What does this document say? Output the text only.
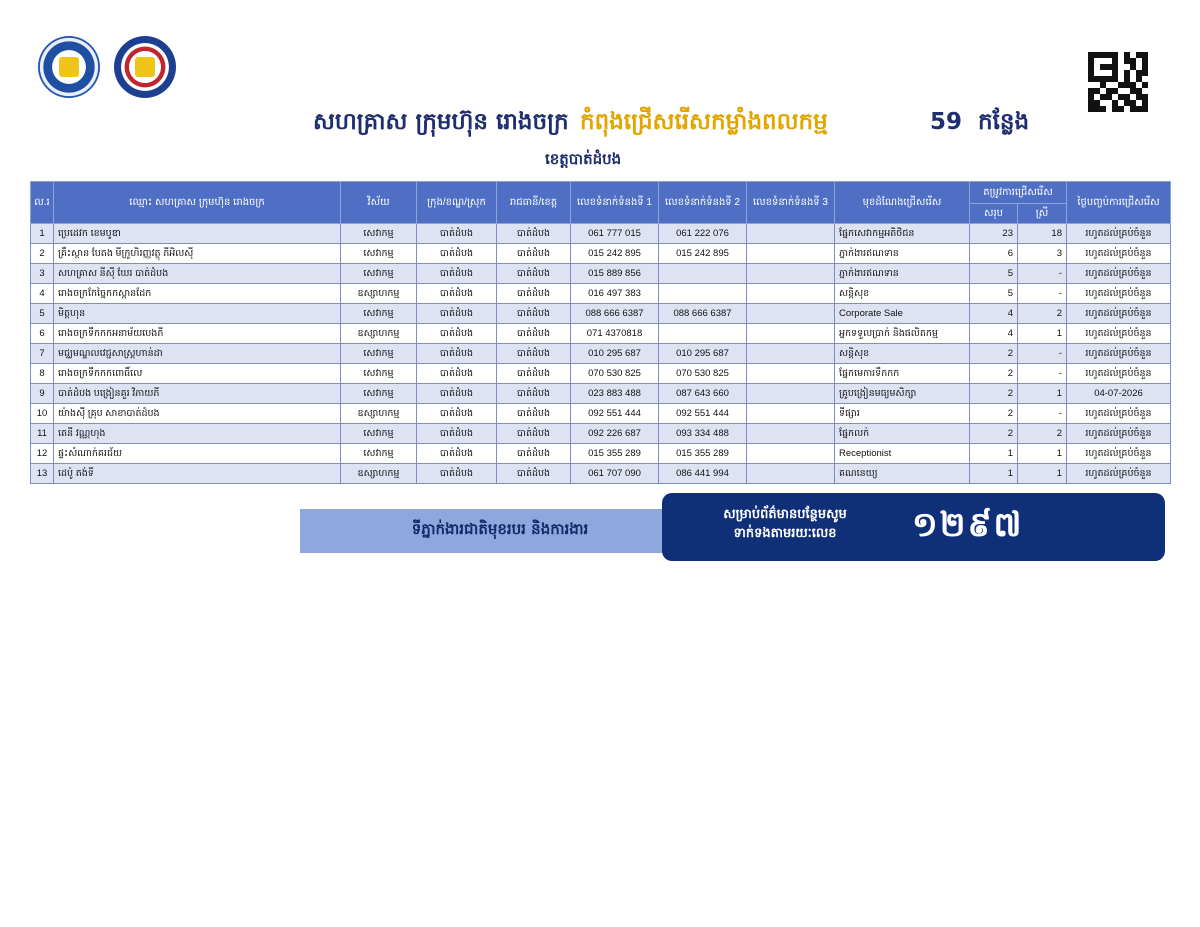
សហគ្រាស ក្រុមហ៊ុន រោងចក្រ កំពុងជ្រើសរើសកម្លាំងពលកម្ម	59 កន្លែង
ខេត្តបាត់ដំបង
ល.រ	ឈ្មោះ សហគ្រាស ក្រុមហ៊ុន រោងចក្រ	វិស័យ	ក្រុង/ខណ្ឌ/ស្រុក	រាជធានី/ខេត្ត	លេខទំនាក់ទំនងទី 1	លេខទំនាក់ទំនងទី 2	លេខទំនាក់ទំនងទី 3	មុខដំណែងជ្រើសរើស	តម្រូវការជ្រើសរើស		ថ្ងៃបញ្ចប់ការជ្រើសរើស
									សរុប	ស្រី	
1	ប្រេដេវក ខេមបូឌា	សេវាកម្ម	បាត់ដំបង	បាត់ដំបង	061 777 015	061 222 076		ផ្នែកសេវាកម្មអតិថិជន	23	18	រហូតដល់គ្រប់ចំនួន
2	គ្រឹះស្ថាន បែតង មីក្រូហិរញ្ញវត្ថុ ភីអិលស៊ី	សេវាកម្ម	បាត់ដំបង	បាត់ដំបង	015 242 895	015 242 895		ភ្នាក់ងារឥណទាន	6	3	រហូតដល់គ្រប់ចំនួន
3	សហគ្រាស នីស៊ី ឃែរ បាត់ដំបង	សេវាកម្ម	បាត់ដំបង	បាត់ដំបង	015 889 856			ភ្នាក់ងារឥណទាន	5	-	រហូតដល់គ្រប់ចំនួន
4	រោងចក្រកែច្នៃកកស្ពានដែក	ឧស្សាហកម្ម	បាត់ដំបង	បាត់ដំបង	016 497 383			សន្តិសុខ	5	-	រហូតដល់គ្រប់ចំនួន
5	មិត្តហុន	សេវាកម្ម	បាត់ដំបង	បាត់ដំបង	088 666 6387	088 666 6387		Corporate Sale	4	2	រហូតដល់គ្រប់ចំនួន
6	រោងចក្រទឹកកកអនាម័យបេងភី	ឧស្សាហកម្ម	បាត់ដំបង	បាត់ដំបង	071 4370818			អ្នកទទួលប្រាក់ និងផលិតកម្ម	4	1	រហូតដល់គ្រប់ចំនួន
7	មជ្ឈមណ្ឌលវេជ្ជសាស្ត្រហាន់ដា	សេវាកម្ម	បាត់ដំបង	បាត់ដំបង	010 295 687	010 295 687		សន្តិសុខ	2	-	រហូតដល់គ្រប់ចំនួន
8	រោងចក្រទឹកកកពោធិ៍លេ	សេវាកម្ម	បាត់ដំបង	បាត់ដំបង	070 530 825	070 530 825		ផ្នែកមេការទឹកកក	2	-	រហូតដល់គ្រប់ចំនួន
9	បាត់ដំបង បង្រៀនគួរ វិភាយភី	សេវាកម្ម	បាត់ដំបង	បាត់ដំបង	023 883 488	087 643 660		គ្រូបង្រៀនមធ្យមសិក្សា	2	1	04-07-2026
10	យ៉ាងស៊ី គ្រុប សាខាបាត់ដំបង	ឧស្សាហកម្ម	បាត់ដំបង	បាត់ដំបង	092 551 444	092 551 444		ទីផ្សារ	2	-	រហូតដល់គ្រប់ចំនួន
11	តេនី វណ្ណហុង	សេវាកម្ម	បាត់ដំបង	បាត់ដំបង	092 226 687	093 334 488		ផ្នែកលក់	2	2	រហូតដល់គ្រប់ចំនួន
12	ផ្ទះសំណាក់គរជ័យ	សេវាកម្ម	បាត់ដំបង	បាត់ដំបង	015 355 289	015 355 289		Receptionist	1	1	រហូតដល់គ្រប់ចំនួន
13	ដេប៉ូ តង់ទី	ឧស្សាហកម្ម	បាត់ដំបង	បាត់ដំបង	061 707 090	086 441 994		គណនេយ្យ	1	1	រហូតដល់គ្រប់ចំនួន
ទីភ្នាក់ងារជាតិមុខរបរ និងការងារ
សម្រាប់ព័ត៌មានបន្ថែមសូម
ទាក់ទងតាមរយៈលេខ	១២៩៧
